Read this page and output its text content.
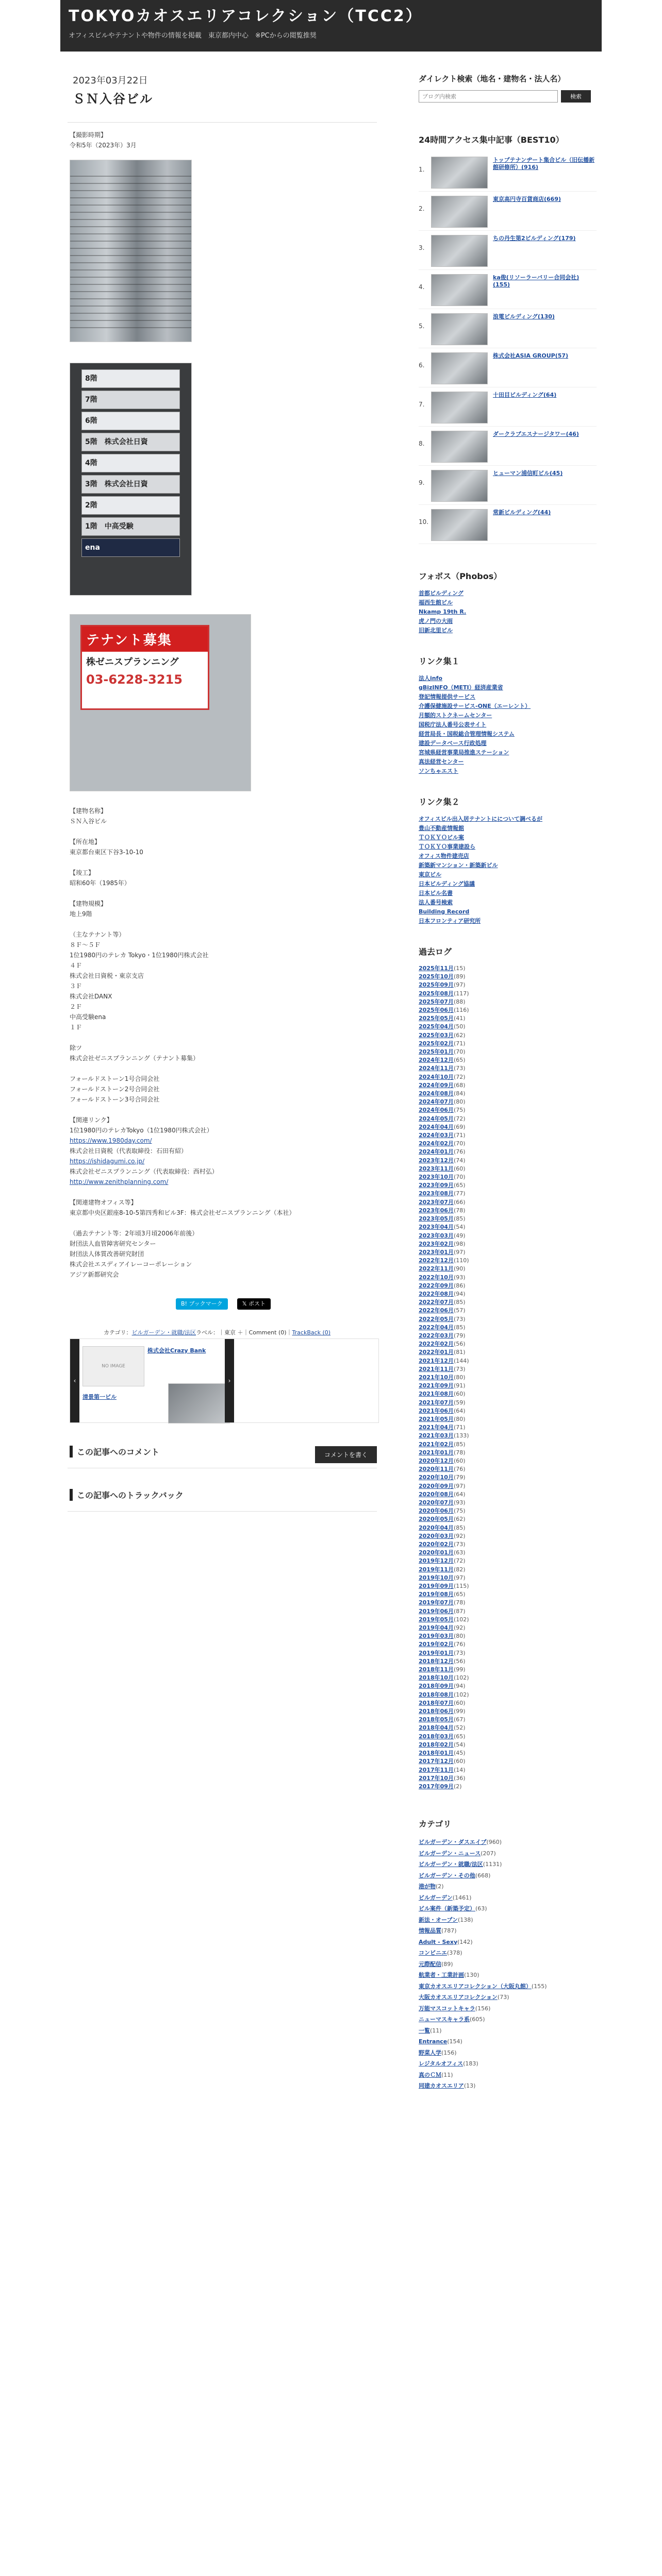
TOKYOカオスエリアコレクション（TCC2）
オフィスビルやテナントや物件の情報を掲載　東京都内中心　※PCからの閲覧推奨
2023年03月22日
ＳＮ入谷ビル
【撮影時期】
令和5年（2023年）3月
8階
7階
6階
5階　株式会社日資
4階
3階　株式会社日資
2階
1階　中高受験
ena
テナント募集
株ゼニスプランニング
03-6228-3215

【建物名称】
ＳＮ入谷ビル

【所在地】
東京都台東区下谷3-10-10

【竣工】
昭和60年（1985年）

【建物規模】
地上9階

（主なテナント等）
８Ｆ～５Ｆ
1位1980円のテレカ Tokyo・1位1980円株式会社
４Ｆ
株式会社日資税・東京支店
３Ｆ
株式会社DANX
２Ｆ
中高受験ena
１Ｆ

除ツ
株式会社ゼニスプランニング（テナント募集）

フォールドストーン1号合同会社
フォールドストーン2号合同会社
フォールドストーン3号合同会社

【関連リンク】
1位1980円のテレカTokyo（1位1980円株式会社）
https://www.1980day.com/
株式会社日資税（代表取締役：石田有紹）
https://ishidagumi.co.jp/
株式会社ゼニスプランニング（代表取締役：西村弘）
http://www.zenithplanning.com/

【関連建物オフィス等】
東京都中央区銀座8-10-5第四秀和ビル3F：株式会社ゼニスプランニング（本社）

（過去テナント等：2年頃3月頃2006年前後）
財団法人血管障害研究センター
財団法人体質改善研究財団
株式会社エスディアイレーコーポレーション
アジア新都研究会

B! ブックマーク	𝕏 ポスト
カテゴリ：ビルガーデン・就職/法区ラベル：｜東京 ＋｜Comment (0)｜TrackBack (0)
‹
NO IMAGE
株式会社Crazy Bank
›
清景第一ビル
この記事へのコメント	コメントを書く
この記事へのトラックバック
ダイレクト検索（地名・建物名・法人名）
ブログ内検索
検索
24時間アクセス集中記事（BEST10）
1.
トップテナンヂート集合ビル（旧伝播新館研修所）(916)
2.
東京高円寺百貨商店(669)
3.
ちの丹生第2ビルディング(179)
4.
ka俊(リソーラーバリー合同会社)(155)
5.
浪電ビルディング(130)
6.
株式会社ASIA GROUP(57)
7.
十田目ビルディング(64)
8.
ダークラブエスナージタワー(46)
9.
ヒューマン浦信町ビル(45)
10.
常新ビルディング(44)
フォボス（Phobos）
首都ビルディング
福西生館ビル
Nkamp 19th R.
虎ノ門の大雨
旧新北里ビル
リンク集１
法人info
gBizINFO（METI）経済産業省
登記情報提供サービス
介護保健施設サービス-ONE（エーレント）
月額的ストクネームセンター
国税庁法人番号公表サイト
経営局長・国税総合管理情報システム
建設データベース行政処理
宮城県経営事業局推進ステーション
真法経営センター
ソンちゃエスト
リンク集２
オフィスビル出入居テナントにについて調べるが
豊山不動産情報館
ＴＯＫＹＯビル案
ＴＯＫＹＯ事業建設ら
オフィス物件建売店
新築新マンション・新築新ビル
東京ビル
日本ビルディング協議
日本ビル名書
法人番号検索
Building Record
日本フロンティア研究所
過去ログ
2025年11月(15)
2025年10月(89)
2025年09月(97)
2025年08月(117)
2025年07月(88)
2025年06月(116)
2025年05月(41)
2025年04月(50)
2025年03月(62)
2025年02月(71)
2025年01月(70)
2024年12月(65)
2024年11月(73)
2024年10月(72)
2024年09月(68)
2024年08月(84)
2024年07月(80)
2024年06月(75)
2024年05月(72)
2024年04月(69)
2024年03月(71)
2024年02月(70)
2024年01月(76)
2023年12月(74)
2023年11月(60)
2023年10月(70)
2023年09月(65)
2023年08月(77)
2023年07月(66)
2023年06月(78)
2023年05月(85)
2023年04月(54)
2023年03月(49)
2023年02月(98)
2023年01月(97)
2022年12月(110)
2022年11月(90)
2022年10月(93)
2022年09月(86)
2022年08月(94)
2022年07月(85)
2022年06月(57)
2022年05月(73)
2022年04月(85)
2022年03月(79)
2022年02月(56)
2022年01月(81)
2021年12月(144)
2021年11月(73)
2021年10月(80)
2021年09月(91)
2021年08月(60)
2021年07月(59)
2021年06月(64)
2021年05月(80)
2021年04月(71)
2021年03月(133)
2021年02月(85)
2021年01月(78)
2020年12月(60)
2020年11月(76)
2020年10月(79)
2020年09月(97)
2020年08月(64)
2020年07月(93)
2020年06月(75)
2020年05月(62)
2020年04月(85)
2020年03月(92)
2020年02月(73)
2020年01月(63)
2019年12月(72)
2019年11月(82)
2019年10月(97)
2019年09月(115)
2019年08月(65)
2019年07月(78)
2019年06月(87)
2019年05月(102)
2019年04月(92)
2019年03月(80)
2019年02月(76)
2019年01月(73)
2018年12月(56)
2018年11月(99)
2018年10月(102)
2018年09月(94)
2018年08月(102)
2018年07月(60)
2018年06月(99)
2018年05月(67)
2018年04月(52)
2018年03月(65)
2018年02月(54)
2018年01月(45)
2017年12月(60)
2017年11月(14)
2017年10月(36)
2017年09月(2)
カテゴリ
ビルガーデン・ダスエイプ(960)
ビルガーデン・ニュース(207)
ビルガーデン・就職/法区(1131)
ビルガーデン・その他(668)
港が物(2)
ビルガーデン(1461)
ビル案件（新築予定）(63)
新法・オープン(138)
情報品質(787)
Adult - Sexy(142)
コンビニエ(378)
元際配信(89)
航業者・工業計画(130)
東京カオスエリアコレクション（大阪丸館）(155)
大阪カオスエリアコレクション(73)
万能マスコットキャラ(156)
ニューマスキャラ系(605)
一覧(11)
Entrance(154)
野菜人学(156)
レジタルオフィス(183)
真のＣＭ(11)
同建カオスエリア(13)
